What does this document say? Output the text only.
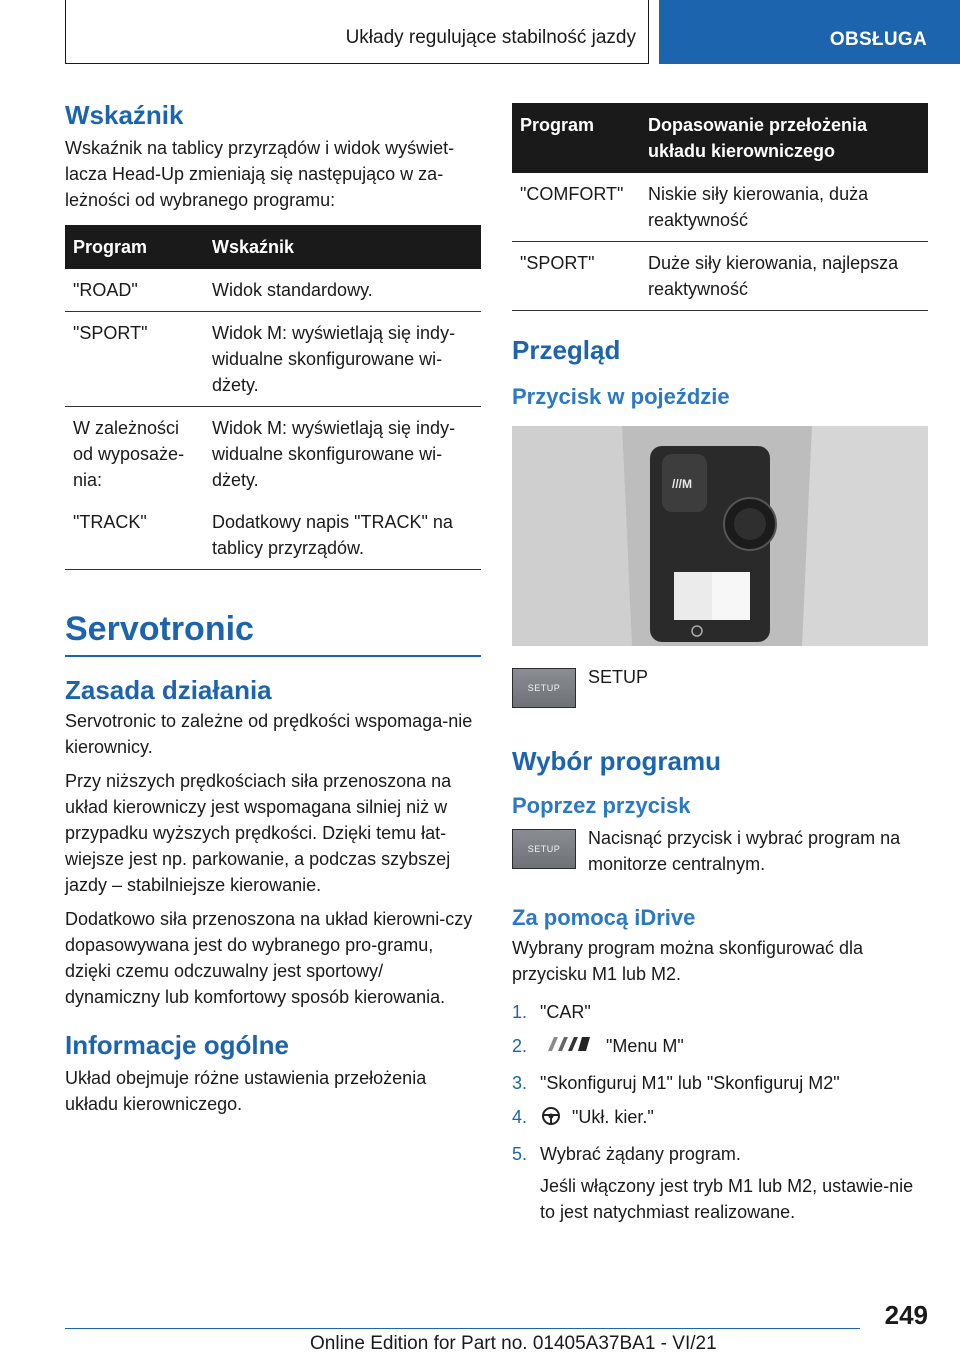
Układy regulujące stabilność jazdy	OBSŁUGA
Wskaźnik
Wskaźnik na tablicy przyrządów i widok wyświet-lacza Head-Up zmieniają się następująco w za-leżności od wybranego programu:
Program	Wskaźnik
"ROAD"	Widok standardowy.
"SPORT"	Widok M: wyświetlają się indy-widualne skonfigurowane wi-dżety.
W zależności od wyposaże-nia:	Widok M: wyświetlają się indy-widualne skonfigurowane wi-dżety.
"TRACK"	Dodatkowy napis "TRACK" na tablicy przyrządów.
Servotronic
Zasada działania
Servotronic to zależne od prędkości wspomaga-nie kierownicy.
Przy niższych prędkościach siła przenoszona na układ kierowniczy jest wspomagana silniej niż w przypadku wyższych prędkości. Dzięki temu łat-wiejsze jest np. parkowanie, a podczas szybszej jazdy – stabilniejsze kierowanie.
Dodatkowo siła przenoszona na układ kierowni-czy dopasowywana jest do wybranego pro-gramu, dzięki czemu odczuwalny jest sportowy/ dynamiczny lub komfortowy sposób kierowania.
Informacje ogólne
Układ obejmuje różne ustawienia przełożenia układu kierowniczego.
Program	Dopasowanie przełożenia układu kierowniczego
"COMFORT"	Niskie siły kierowania, duża reaktywność
"SPORT"	Duże siły kierowania, najlepsza reaktywność
Przegląd
Przycisk w pojeździe
///M
SETUP
SETUP
Wybór programu
Poprzez przycisk
SETUP
Nacisnąć przycisk i wybrać program na monitorze centralnym.
Za pomocą iDrive
Wybrany program można skonfigurować dla przycisku M1 lub M2.
1. "CAR"
2.	"Menu M"
3. "Skonfiguruj M1" lub "Skonfiguruj M2"
4.	"Ukł. kier."
5. Wybrać żądany program.
Jeśli włączony jest tryb M1 lub M2, ustawie-nie to jest natychmiast realizowane.
249
Online Edition for Part no. 01405A37BA1 - VI/21
